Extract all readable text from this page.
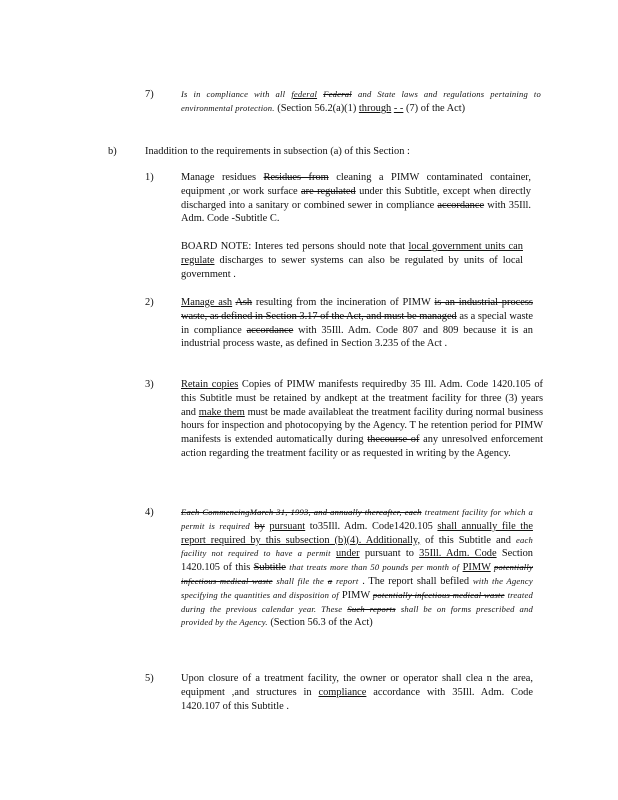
7)	Is in compliance with all federal Federal and State laws and regulations pertaining to environmental protection. (Section 56.2(a)(1) through - - (7) of the Act)
b)	Inaddition to the requirements in subsection (a) of this Section :
1)	Manage residues Residues from cleaning a PIMW contaminated container, equipment ,or work surface are regulated under this Subtitle, except when directly discharged into a sanitary or combined sewer in compliance accordance with 35Ill. Adm. Code -Subtitle C.
BOARD NOTE: Interes ted persons should note that local government units can regulate discharges to sewer systems can also be regulated by units of local government .
2)	Manage ash Ash resulting from the incineration of PIMW is an industrial process waste, as defined in Section 3.17 of the Act, and must be managed as a special waste in compliance accordance with 35Ill. Adm. Code 807 and 809 because it is an industrial process waste, as defined in Section 3.235 of the Act .
3)	Retain copies Copies of PIMW manifests requiredby 35 Ill. Adm. Code 1420.105 of this Subtitle must be retained by andkept at the treatment facility for three (3) years and make them must be made availableat the treatment facility during normal business hours for inspection and photocopying by the Agency. T he retention period for PIMW manifests is extended automatically during thecourse of any unresolved enforcement action regarding the treatment facility or as requested in writing by the Agency.
4)	Each CommencingMarch 31, 1993, and annually thereafter, each treatment facility for which a permit is required by pursuant to35Ill. Adm. Code1420.105 shall annually file the report required by this subsection (b)(4). Additionally, of this Subtitle and each facility not required to have a permit under pursuant to 35Ill. Adm. Code Section 1420.105 of this Subtitle that treats more than 50 pounds per month of PIMW potentially infectious medical waste shall file the a report . The report shall befiled with the Agency specifying the quantities and disposition of PIMW potentially infectious medical waste treated during the previous calendar year. These Such reports shall be on forms prescribed and provided by the Agency. (Section 56.3 of the Act)
5)	Upon closure of a treatment facility, the owner or operator shall clea n the area, equipment ,and structures in compliance accordance with 35Ill. Adm. Code 1420.107 of this Subtitle .
